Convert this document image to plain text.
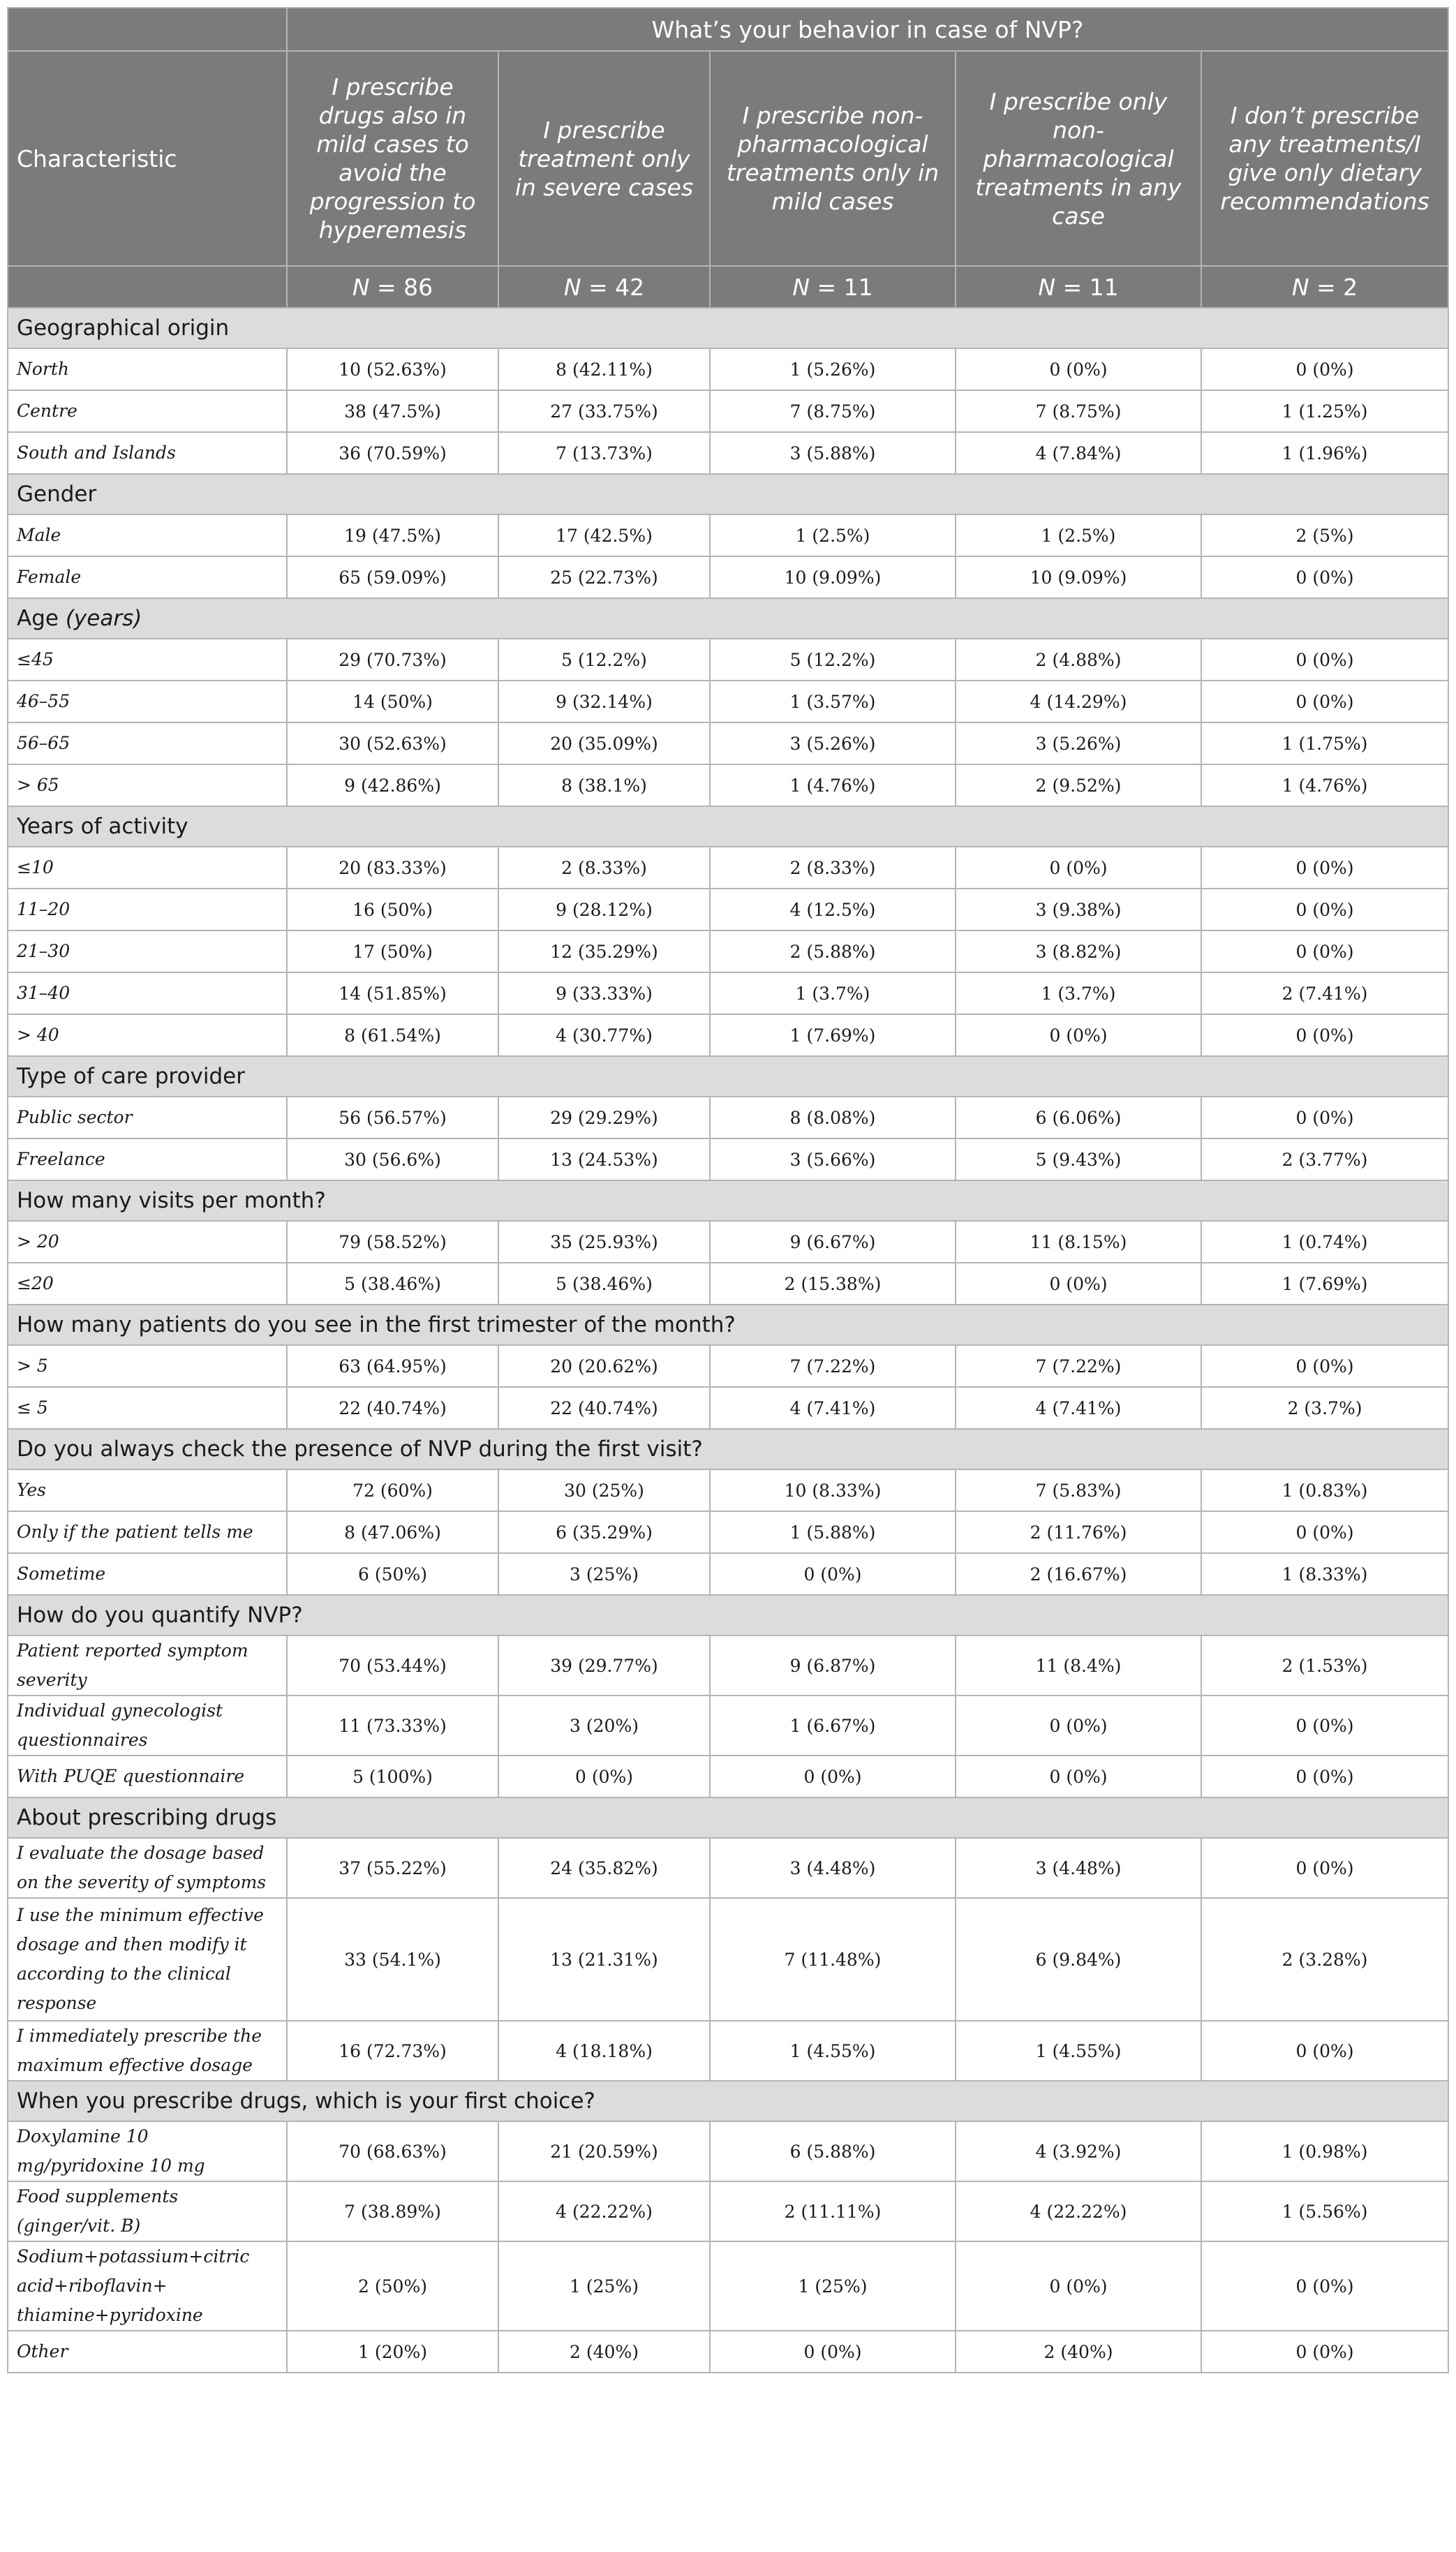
	What’s your behavior in case of NVP?				
Characteristic	I prescribe drugs also in mild cases to avoid the progression to hyperemesis	I prescribe treatment only in severe cases	I prescribe non-pharmacological treatments only in mild cases	I prescribe only non-pharmacological treatments in any case	I don’t prescribe any treatments/I give only dietary recommendations
	N = 86	N = 42	N = 11	N = 11	N = 2
Geographical origin					
North	10 (52.63%)	8 (42.11%)	1 (5.26%)	0 (0%)	0 (0%)
Centre	38 (47.5%)	27 (33.75%)	7 (8.75%)	7 (8.75%)	1 (1.25%)
South and Islands	36 (70.59%)	7 (13.73%)	3 (5.88%)	4 (7.84%)	1 (1.96%)
Gender					
Male	19 (47.5%)	17 (42.5%)	1 (2.5%)	1 (2.5%)	2 (5%)
Female	65 (59.09%)	25 (22.73%)	10 (9.09%)	10 (9.09%)	0 (0%)
Age (years)					
≤45	29 (70.73%)	5 (12.2%)	5 (12.2%)	2 (4.88%)	0 (0%)
46–55	14 (50%)	9 (32.14%)	1 (3.57%)	4 (14.29%)	0 (0%)
56–65	30 (52.63%)	20 (35.09%)	3 (5.26%)	3 (5.26%)	1 (1.75%)
> 65	9 (42.86%)	8 (38.1%)	1 (4.76%)	2 (9.52%)	1 (4.76%)
Years of activity					
≤10	20 (83.33%)	2 (8.33%)	2 (8.33%)	0 (0%)	0 (0%)
11–20	16 (50%)	9 (28.12%)	4 (12.5%)	3 (9.38%)	0 (0%)
21–30	17 (50%)	12 (35.29%)	2 (5.88%)	3 (8.82%)	0 (0%)
31–40	14 (51.85%)	9 (33.33%)	1 (3.7%)	1 (3.7%)	2 (7.41%)
> 40	8 (61.54%)	4 (30.77%)	1 (7.69%)	0 (0%)	0 (0%)
Type of care provider					
Public sector	56 (56.57%)	29 (29.29%)	8 (8.08%)	6 (6.06%)	0 (0%)
Freelance	30 (56.6%)	13 (24.53%)	3 (5.66%)	5 (9.43%)	2 (3.77%)
How many visits per month?					
> 20	79 (58.52%)	35 (25.93%)	9 (6.67%)	11 (8.15%)	1 (0.74%)
≤20	5 (38.46%)	5 (38.46%)	2 (15.38%)	0 (0%)	1 (7.69%)
How many patients do you see in the first trimester of the month?					
> 5	63 (64.95%)	20 (20.62%)	7 (7.22%)	7 (7.22%)	0 (0%)
≤ 5	22 (40.74%)	22 (40.74%)	4 (7.41%)	4 (7.41%)	2 (3.7%)
Do you always check the presence of NVP during the first visit?					
Yes	72 (60%)	30 (25%)	10 (8.33%)	7 (5.83%)	1 (0.83%)
Only if the patient tells me	8 (47.06%)	6 (35.29%)	1 (5.88%)	2 (11.76%)	0 (0%)
Sometime	6 (50%)	3 (25%)	0 (0%)	2 (16.67%)	1 (8.33%)
How do you quantify NVP?					
Patient reported symptom severity	70 (53.44%)	39 (29.77%)	9 (6.87%)	11 (8.4%)	2 (1.53%)
Individual gynecologist questionnaires	11 (73.33%)	3 (20%)	1 (6.67%)	0 (0%)	0 (0%)
With PUQE questionnaire	5 (100%)	0 (0%)	0 (0%)	0 (0%)	0 (0%)
About prescribing drugs					
I evaluate the dosage based on the severity of symptoms	37 (55.22%)	24 (35.82%)	3 (4.48%)	3 (4.48%)	0 (0%)
I use the minimum effective dosage and then modify it according to the clinical response	33 (54.1%)	13 (21.31%)	7 (11.48%)	6 (9.84%)	2 (3.28%)
I immediately prescribe the maximum effective dosage	16 (72.73%)	4 (18.18%)	1 (4.55%)	1 (4.55%)	0 (0%)
When you prescribe drugs, which is your first choice?					
Doxylamine 10 mg/pyridoxine 10 mg	70 (68.63%)	21 (20.59%)	6 (5.88%)	4 (3.92%)	1 (0.98%)
Food supplements (ginger/vit. B)	7 (38.89%)	4 (22.22%)	2 (11.11%)	4 (22.22%)	1 (5.56%)
Sodium+potassium+citric acid+riboflavin+ thiamine+pyridoxine	2 (50%)	1 (25%)	1 (25%)	0 (0%)	0 (0%)
Other	1 (20%)	2 (40%)	0 (0%)	2 (40%)	0 (0%)
